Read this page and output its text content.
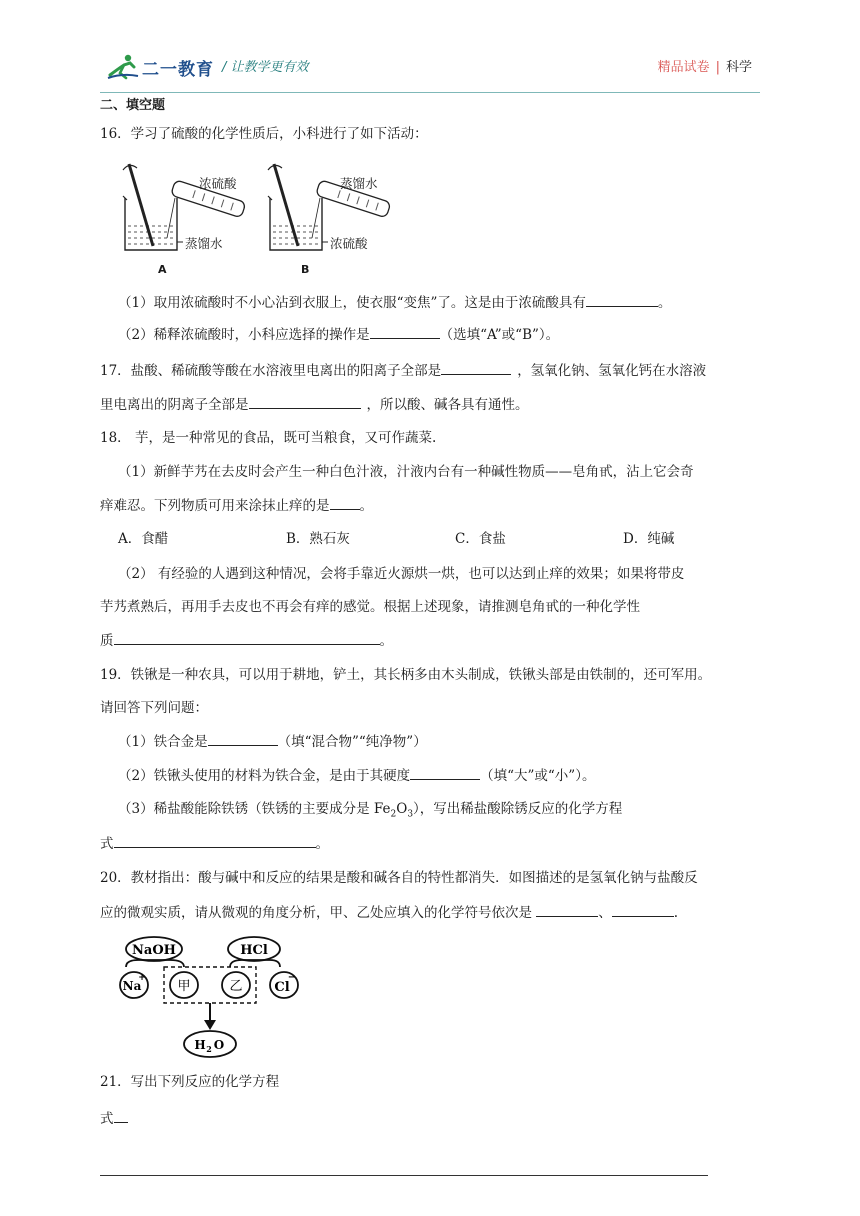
二一教育 / 让教学更有效	精品试卷 | 科学
二、填空题
16．学习了硫酸的化学性质后，小科进行了如下活动：
浓硫酸
蒸馏水
A
蒸馏水
浓硫酸
B
（1）取用浓硫酸时不小心沾到衣服上，使衣服“变焦”了。这是由于浓硫酸具有	。
（2）稀释浓硫酸时，小科应选择的操作是	（选填“A”或“B”）。
17．盐酸、稀硫酸等酸在水溶液里电离出的阳离子全部是	，氢氧化钠、氢氧化钙在水溶液
里电离出的阴离子全部是	，所以酸、碱各具有通性。
18． 芋，是一种常见的食品，既可当粮食，又可作蔬菜.
（1）新鲜芋艿在去皮时会产生一种白色汁液，汁液内台有一种碱性物质——皂角甙，沾上它会奇
痒难忍。下列物质可用来涂抹止痒的是 。
A．食醋	B．熟石灰	C．食盐	D．纯碱
（2） 有经验的人遇到这种情况，会将手靠近火源烘一烘，也可以达到止痒的效果；如果将带皮
芋艿煮熟后，再用手去皮也不再会有痒的感觉。根据上述现象，请推测皂角甙的一种化学性
质	。
19．铁锹是一种农具，可以用于耕地，铲土，其长柄多由木头制成，铁锹头部是由铁制的，还可军用。
请回答下列问题：
（1）铁合金是	（填“混合物”“纯净物”）
（2）铁锹头使用的材料为铁合金，是由于其硬度	（填“大”或“小”）。
（3）稀盐酸能除铁锈（铁锈的主要成分是 $Fe_2O_3$），写出稀盐酸除锈反应的化学方程
式	。
20．教材指出：酸与碱中和反应的结果是酸和碱各自的特性都消失．如图描述的是氢氧化钠与盐酸反
应的微观实质，请从微观的角度分析，甲、乙处应填入的化学符号依次是	、	.
NaOH	HCl
Na
+
甲	乙 Cl
−
H 2 O
21．写出下列反应的化学方程
式
